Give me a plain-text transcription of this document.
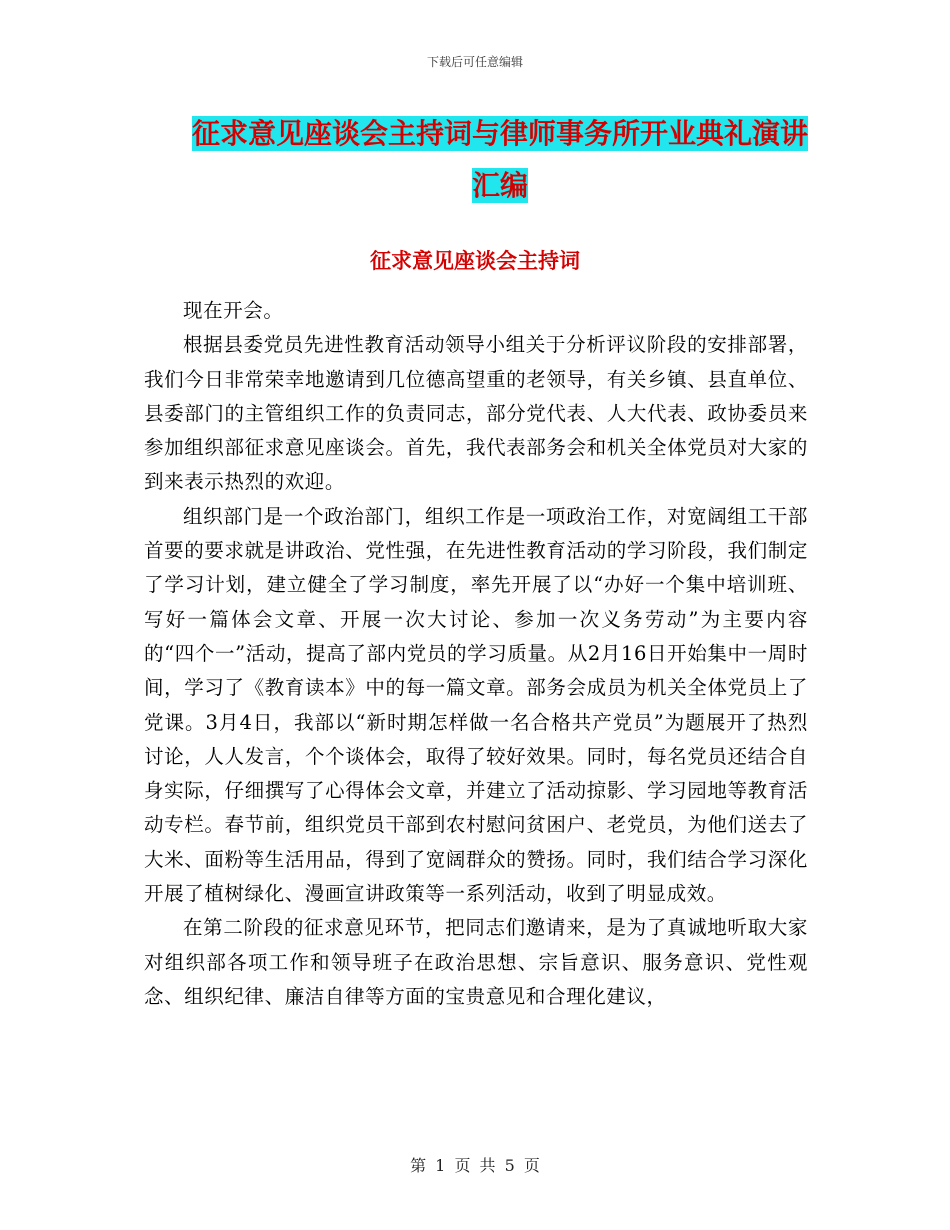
下载后可任意编辑
征求意见座谈会主持词与律师事务所开业典礼演讲汇编
征求意见座谈会主持词

现在开会。

根据县委党员先进性教育活动领导小组关于分析评议阶段的安排部署，我们今日非常荣幸地邀请到几位德高望重的老领导，有关乡镇、县直单位、县委部门的主管组织工作的负责同志，部分党代表、人大代表、政协委员来参加组织部征求意见座谈会。首先，我代表部务会和机关全体党员对大家的到来表示热烈的欢迎。

组织部门是一个政治部门，组织工作是一项政治工作，对宽阔组工干部首要的要求就是讲政治、党性强，在先进性教育活动的学习阶段，我们制定了学习计划，建立健全了学习制度，率先开展了以“办好一个集中培训班、写好一篇体会文章、开展一次大讨论、参加一次义务劳动”为主要内容的“四个一”活动，提高了部内党员的学习质量。从2月16日开始集中一周时间，学习了《教育读本》中的每一篇文章。部务会成员为机关全体党员上了党课。3月4日，我部以“新时期怎样做一名合格共产党员”为题展开了热烈讨论，人人发言，个个谈体会，取得了较好效果。同时，每名党员还结合自身实际，仔细撰写了心得体会文章，并建立了活动掠影、学习园地等教育活动专栏。春节前，组织党员干部到农村慰问贫困户、老党员，为他们送去了大米、面粉等生活用品，得到了宽阔群众的赞扬。同时，我们结合学习深化开展了植树绿化、漫画宣讲政策等一系列活动，收到了明显成效。

在第二阶段的征求意见环节，把同志们邀请来，是为了真诚地听取大家对组织部各项工作和领导班子在政治思想、宗旨意识、服务意识、党性观念、组织纪律、廉洁自律等方面的宝贵意见和合理化建议，

第 1 页 共 5 页
